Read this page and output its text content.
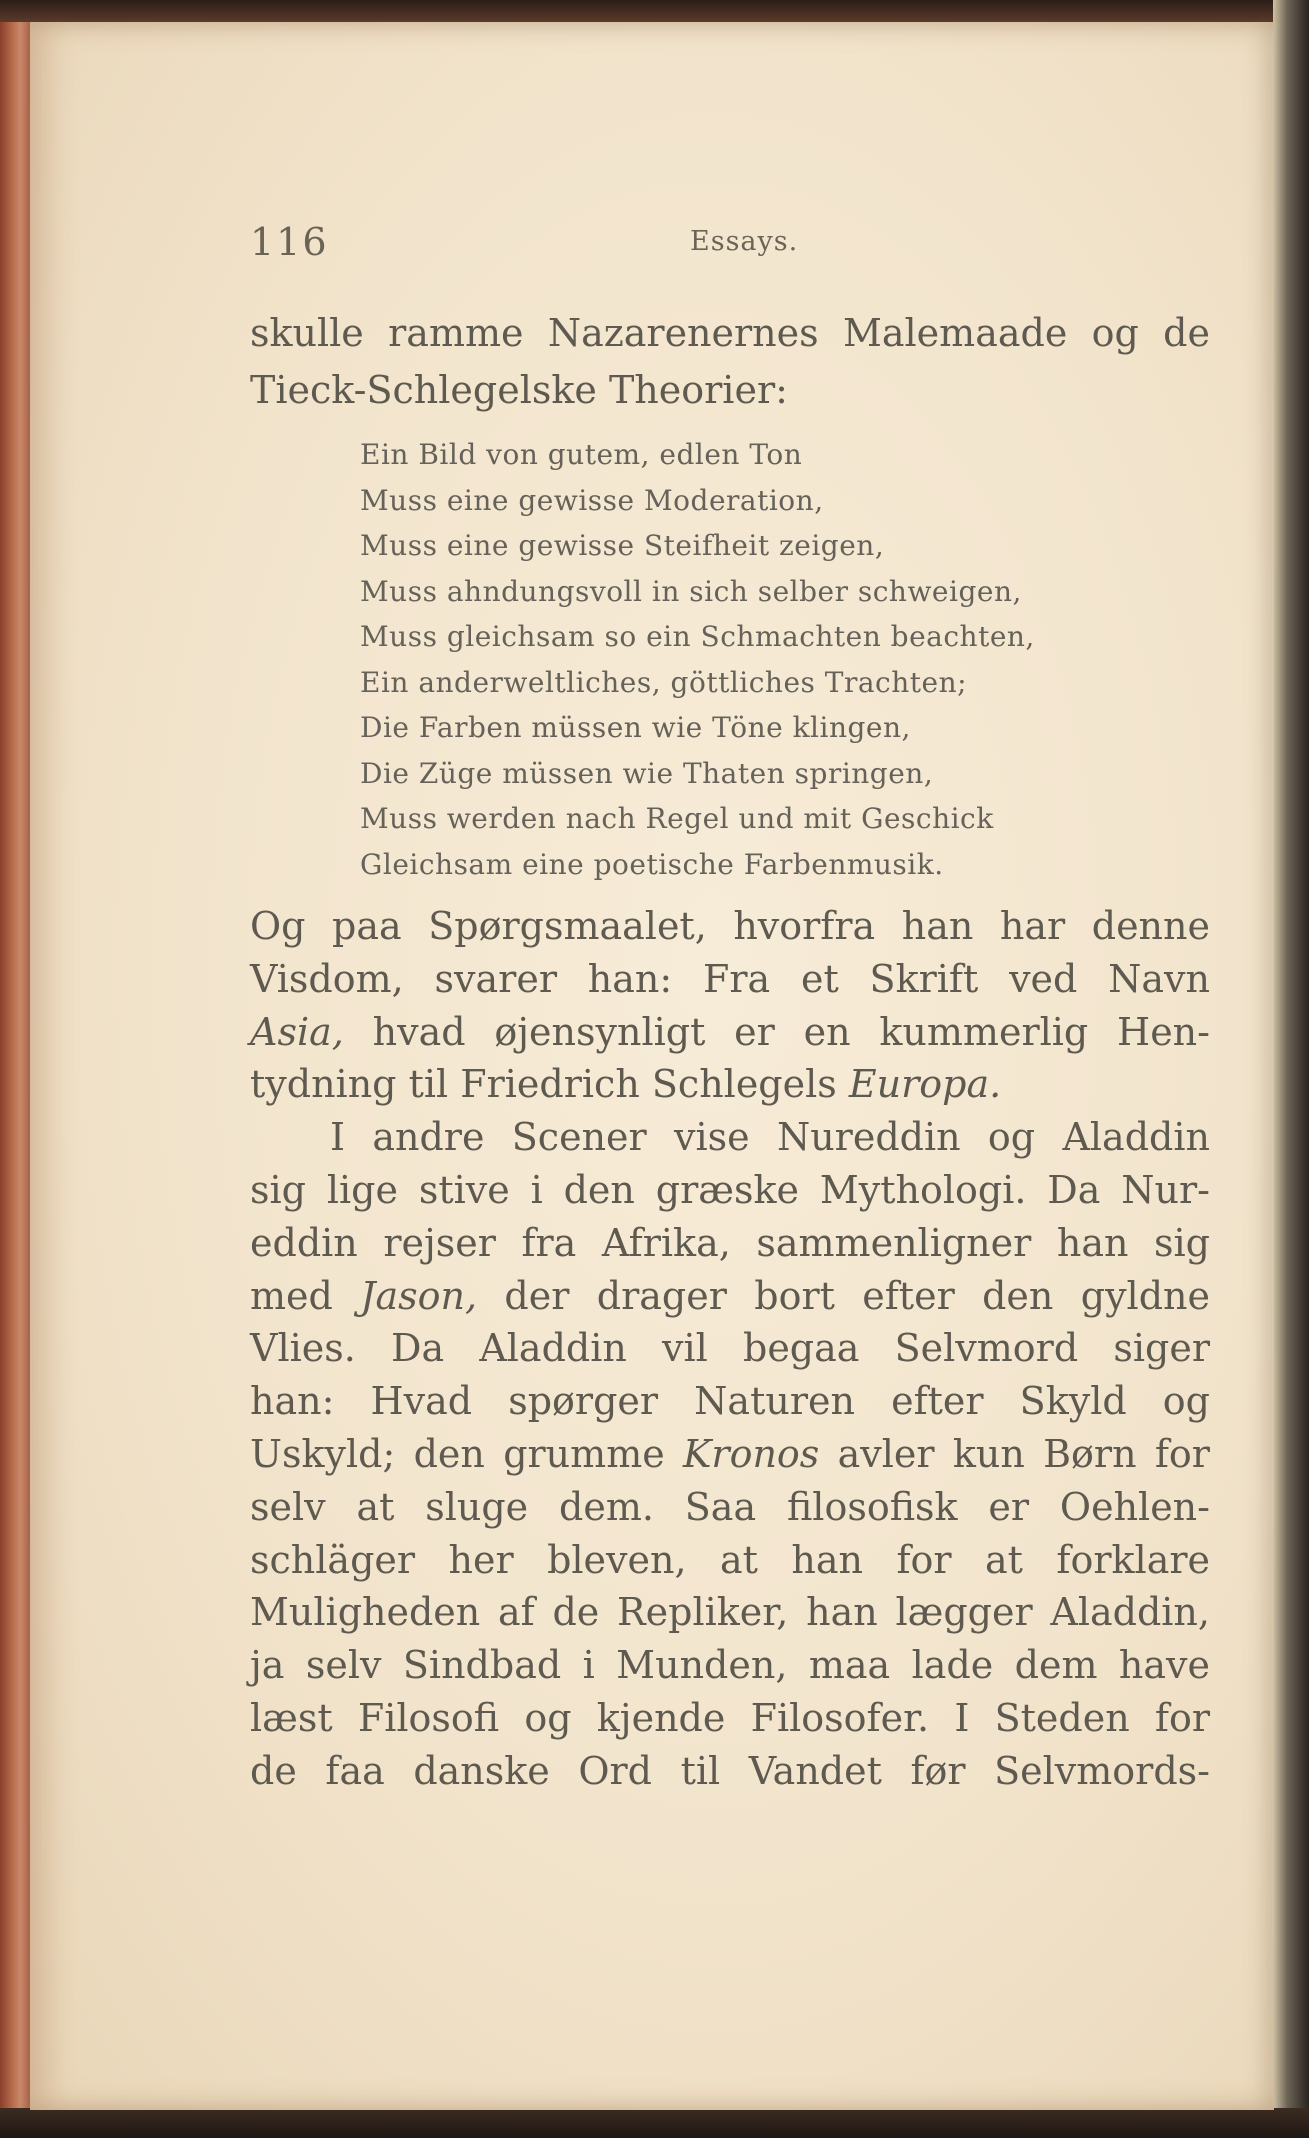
116	Essays.
skulle ramme Nazarenernes Malemaade og de
Tieck-Schlegelske Theorier:
Ein Bild von gutem, edlen Ton
Muss eine gewisse Moderation,
Muss eine gewisse Steifheit zeigen,
Muss ahndungsvoll in sich selber schweigen,
Muss gleichsam so ein Schmachten beachten,
Ein anderweltliches, göttliches Trachten;
Die Farben müssen wie Töne klingen,
Die Züge müssen wie Thaten springen,
Muss werden nach Regel und mit Geschick
Gleichsam eine poetische Farbenmusik.
Og paa Spørgsmaalet, hvorfra han har denne
Visdom, svarer han: Fra et Skrift ved Navn
Asia, hvad øjensynligt er en kummerlig Hen-
tydning til Friedrich Schlegels Europa.
I andre Scener vise Nureddin og Aladdin
sig lige stive i den græske Mythologi. Da Nur-
eddin rejser fra Afrika, sammenligner han sig
med Jason, der drager bort efter den gyldne
Vlies. Da Aladdin vil begaa Selvmord siger
han: Hvad spørger Naturen efter Skyld og
Uskyld; den grumme Kronos avler kun Børn for
selv at sluge dem. Saa filosofisk er Oehlen-
schläger her bleven, at han for at forklare
Muligheden af de Repliker, han lægger Aladdin,
ja selv Sindbad i Munden, maa lade dem have
læst Filosofi og kjende Filosofer. I Steden for
de faa danske Ord til Vandet før Selvmords-
